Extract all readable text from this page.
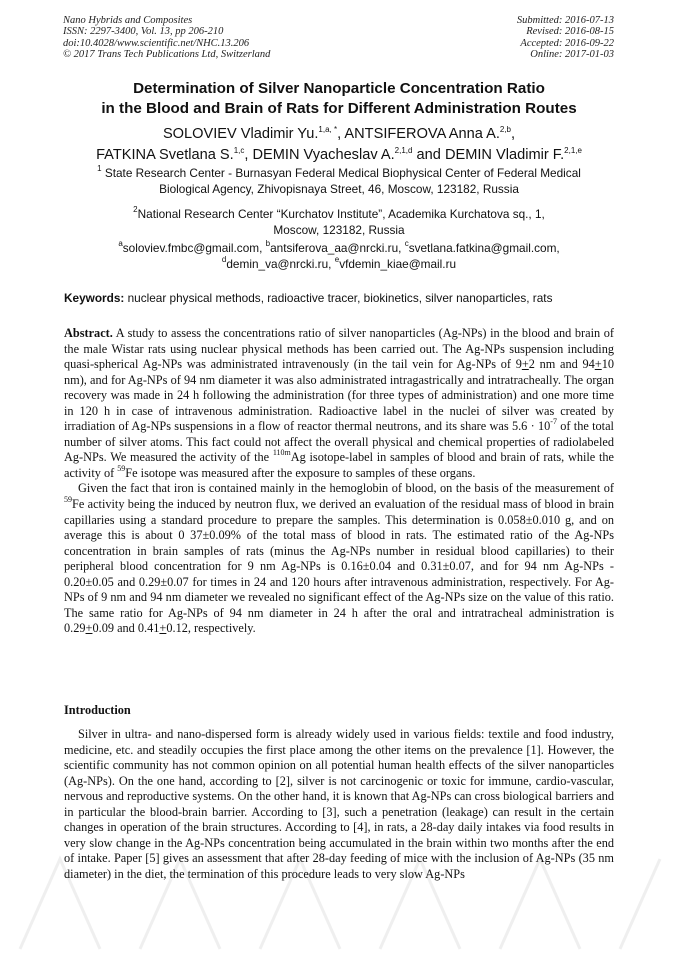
Nano Hybrids and Composites
ISSN: 2297-3400, Vol. 13, pp 206-210
doi:10.4028/www.scientific.net/NHC.13.206
© 2017 Trans Tech Publications Ltd, Switzerland
Submitted: 2016-07-13
Revised: 2016-08-15
Accepted: 2016-09-22
Online: 2017-01-03
Determination of Silver Nanoparticle Concentration Ratio
in the Blood and Brain of Rats for Different Administration Routes
SOLOVIEV Vladimir Yu.$^{1,a, *}$, ANTSIFEROVA Anna A.$^{2,b}$,
FATKINA Svetlana S.$^{1,c}$, DEMIN Vyacheslav A.$^{2,1,d}$ and DEMIN Vladimir F.$^{2,1,e}$
$^1$ State Research Center - Burnasyan Federal Medical Biophysical Center of Federal Medical
Biological Agency, Zhivopisnaya Street, 46, Moscow, 123182, Russia
$^2$National Research Center “Kurchatov Institute”, Academika Kurchatova sq., 1,
Moscow, 123182, Russia
$^a$soloviev.fmbc@gmail.com, $^b$antsiferova_aa@nrcki.ru, $^c$svetlana.fatkina@gmail.com,
$^d$demin_va@nrcki.ru, $^e$vfdemin_kiae@mail.ru
Keywords: nuclear physical methods, radioactive tracer, biokinetics, silver nanoparticles, rats

Abstract. A study to assess the concentrations ratio of silver nanoparticles (Ag-NPs) in the blood and brain of the male Wistar rats using nuclear physical methods has been carried out. The Ag-NPs suspension including quasi-spherical Ag-NPs was administrated intravenously (in the tail vein for Ag-NPs of 9+2 nm and 94+10 nm), and for Ag-NPs of 94 nm diameter it was also administrated intragastrically and intratracheally. The organ recovery was made in 24 h following the administration (for three types of administration) and one more time in 120 h in case of intravenous administration. Radioactive label in the nuclei of silver was created by irradiation of Ag-NPs suspensions in a flow of reactor thermal neutrons, and its share was $5.6 \cdot 10^{-7}$ of the total number of silver atoms. This fact could not affect the overall physical and chemical properties of radiolabeled Ag-NPs. We measured the activity of the $^{110m}$Ag isotope-label in samples of blood and brain of rats, while the activity of $^{59}$Fe isotope was measured after the exposure to samples of these organs.

Given the fact that iron is contained mainly in the hemoglobin of blood, on the basis of the measurement of $^{59}$Fe activity being the induced by neutron flux, we derived an evaluation of the residual mass of blood in brain capillaries using a standard procedure to prepare the samples. This determination is 0.058±0.010 g, and on average this is about 0 37±0.09% of the total mass of blood in rats. The estimated ratio of the Ag-NPs concentration in brain samples of rats (minus the Ag-NPs number in residual blood capillaries) to their peripheral blood concentration for 9 nm Ag-NPs is 0.16±0.04 and 0.31±0.07, and for 94 nm Ag-NPs - 0.20±0.05 and 0.29±0.07 for times in 24 and 120 hours after intravenous administration, respectively. For Ag-NPs of 9 nm and 94 nm diameter we revealed no significant effect of the Ag-NPs size on the value of this ratio. The same ratio for Ag-NPs of 94 nm diameter in 24 h after the oral and intratracheal administration is 0.29+0.09 and 0.41+0.12, respectively.

Introduction
Silver in ultra- and nano-dispersed form is already widely used in various fields: textile and food industry, medicine, etc. and steadily occupies the first place among the other items on the prevalence [1]. However, the scientific community has not common opinion on all potential human health effects of the silver nanoparticles (Ag-NPs). On the one hand, according to [2], silver is not carcinogenic or toxic for immune, cardio-vascular, nervous and reproductive systems. On the other hand, it is known that Ag-NPs can cross biological barriers and in particular the blood-brain barrier. According to [3], such a penetration (leakage) can result in the certain changes in operation of the brain structures. According to [4], in rats, a 28-day daily intakes via food results in very slow change in the Ag-NPs concentration being accumulated in the brain within two months after the end of intake. Paper [5] gives an assessment that after 28-day feeding of mice with the inclusion of Ag-NPs (35 nm diameter) in the diet, the termination of this procedure leads to very slow Ag-NPs
